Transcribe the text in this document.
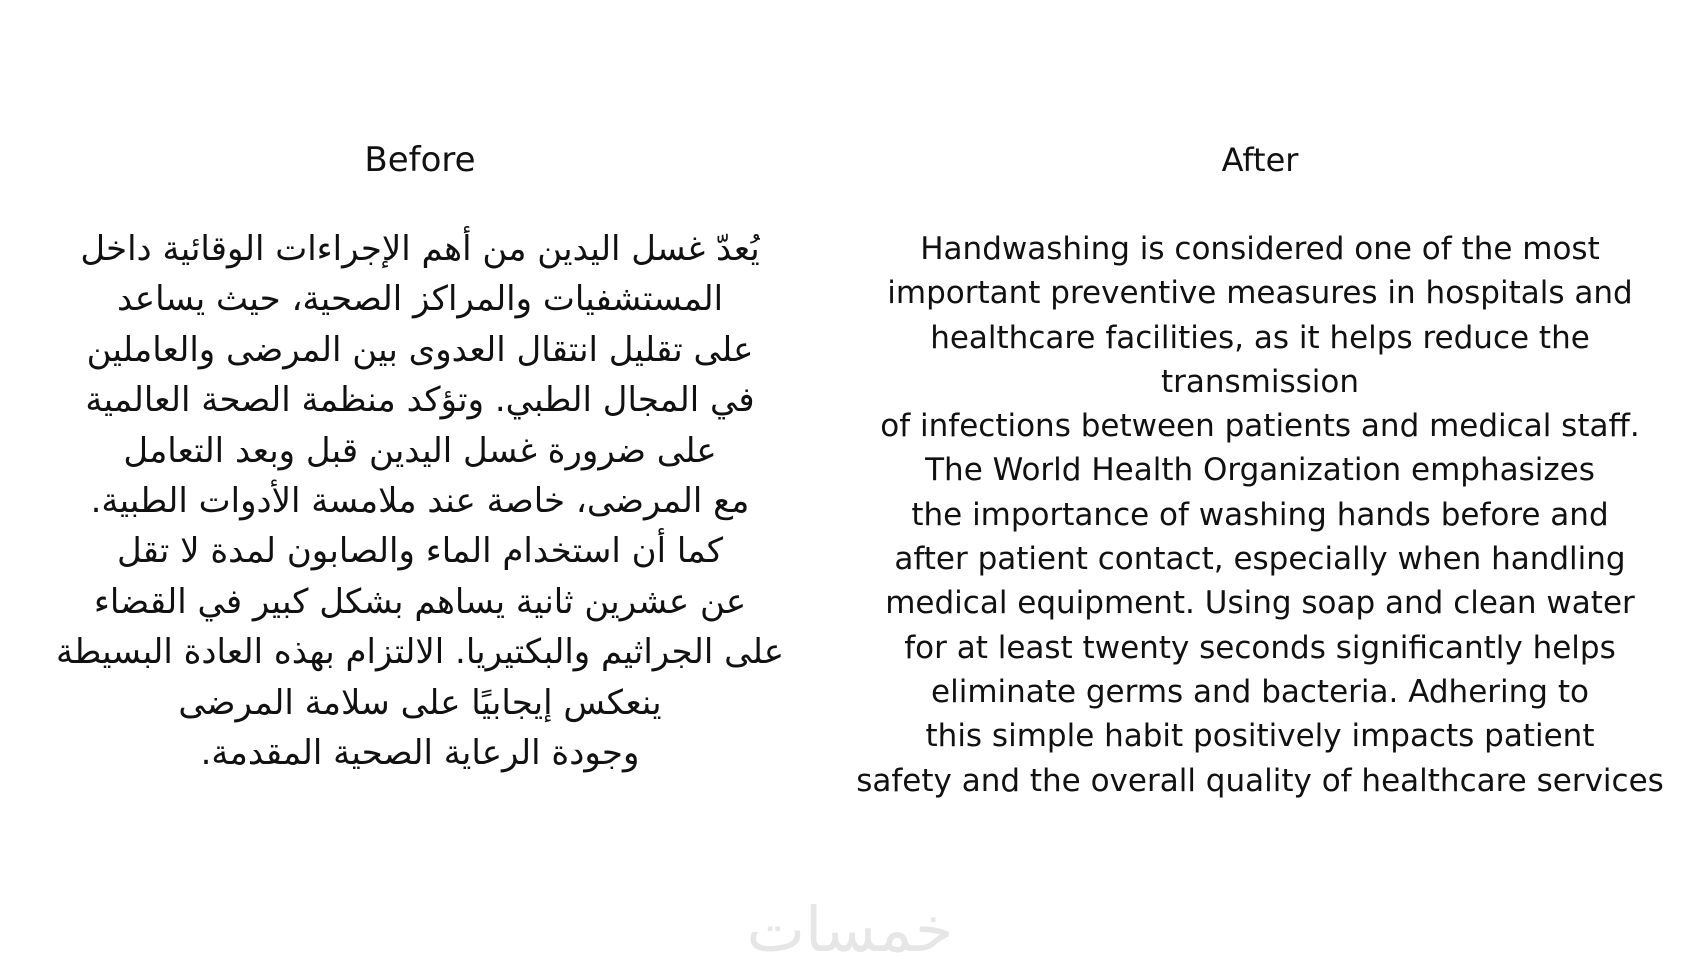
Before
يُعدّ غسل اليدين من أهم الإجراءات الوقائية داخل
المستشفيات والمراكز الصحية، حيث يساعد
على تقليل انتقال العدوى بين المرضى والعاملين
في المجال الطبي. وتؤكد منظمة الصحة العالمية
على ضرورة غسل اليدين قبل وبعد التعامل
مع المرضى، خاصة عند ملامسة الأدوات الطبية.
كما أن استخدام الماء والصابون لمدة لا تقل
عن عشرين ثانية يساهم بشكل كبير في القضاء
على الجراثيم والبكتيريا. الالتزام بهذه العادة البسيطة
ينعكس إيجابيًا على سلامة المرضى
وجودة الرعاية الصحية المقدمة.
After
Handwashing is considered one of the most
important preventive measures in hospitals and
healthcare facilities, as it helps reduce the transmission
of infections between patients and medical staff.
The World Health Organization emphasizes
the importance of washing hands before and
after patient contact, especially when handling
medical equipment. Using soap and clean water
for at least twenty seconds significantly helps
eliminate germs and bacteria. Adhering to
this simple habit positively impacts patient
safety and the overall quality of healthcare services
خمسات
